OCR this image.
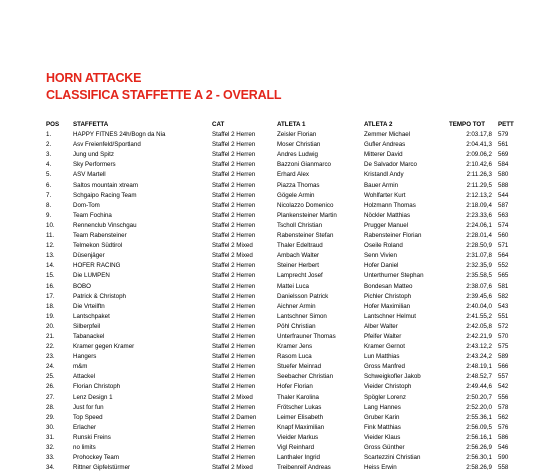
HORN ATTACKE
CLASSIFICA STAFFETTE A 2 - OVERALL
POS	STAFFETTA	CAT	ATLETA 1	ATLETA 2	TEMPO TOT	PETT
1.	HAPPY FITNES 24h/Bogn da Nia	Staffel 2 Herren	Zeisler Florian	Zemmer Michael	2:03.17,8	579
2.	Asv Freienfeld/Sportland	Staffel 2 Herren	Moser Christian	Gufler Andreas	2:04.41,3	561
3.	Jung und Spitz	Staffel 2 Herren	Andres Ludwig	Mitterer David	2:09.06,2	569
4.	Sky Performers	Staffel 2 Herren	Bazzoni Gianmarco	De Salvador Marco	2:10.42,6	584
5.	ASV Martell	Staffel 2 Herren	Erhard Alex	Kristandl Andy	2:11.26,3	580
6.	Saltos mountain xtream	Staffel 2 Herren	Piazza Thomas	Bauer Armin	2:11.29,5	588
7.	Schgaipo Racing Team	Staffel 2 Herren	Gögele Armin	Wohlfarter Kurt	2:12.13,2	544
8.	Dom-Tom	Staffel 2 Herren	Nicolazzo Domenico	Holzmann Thomas	2:18.09,4	587
9.	Team Fochina	Staffel 2 Herren	Plankensteiner Martin	Nöckler Matthias	2:23.33,6	563
10.	Rennenclub Vinschgau	Staffel 2 Herren	Tscholl Christian	Prugger Manuel	2:24.06,1	574
11.	Team Rabensteiner	Staffel 2 Herren	Rabensteiner Stefan	Rabensteiner Florian	2:28.01,4	560
12.	Telmekon Südtirol	Staffel 2 Mixed	Thaler Edeltraud	Oseile Roland	2:28.50,9	571
13.	Düsenjäger	Staffel 2 Mixed	Ambach Walter	Senn Vivien	2:31.07,8	564
14.	HOFER RACING	Staffel 2 Herren	Steiner Herbert	Hofer Daniel	2:32.35,9	552
15.	Die LUMPEN	Staffel 2 Herren	Lamprecht Josef	Unterthurner Stephan	2:35.58,5	565
16.	BOBO	Staffel 2 Herren	Mattei Luca	Bondesan Matteo	2:38.07,6	581
17.	Patrick & Christoph	Staffel 2 Herren	Danielsson Patrick	Pichler Christoph	2:39.45,6	582
18.	Die Vrteilftn	Staffel 2 Herren	Aichner Armin	Hofer Maximilian	2:40.04,0	543
19.	Lantschpaket	Staffel 2 Herren	Lantschner Simon	Lantschner Helmut	2:41.55,2	551
20.	Silberpfeil	Staffel 2 Herren	Pöhl Christian	Alber Walter	2:42.05,8	572
21.	Tabanackel	Staffel 2 Herren	Unterfrauner Thomas	Pfeifer Walter	2:42.21,9	570
22.	Kramer gegen Kramer	Staffel 2 Herren	Kramer Jens	Kramer Gernot	2:43.12,2	575
23.	Hangers	Staffel 2 Herren	Rasom Luca	Lun Matthias	2:43.24,2	589
24.	m&m	Staffel 2 Herren	Stuefer Meinrad	Gross Manfred	2:48.19,1	566
25.	Attackel	Staffel 2 Herren	Seebacher Christian	Schweigkofler Jakob	2:48.52,7	557
26.	Florian Christoph	Staffel 2 Herren	Hofer Florian	Vieider Christoph	2:49.44,6	542
27.	Lenz Design 1	Staffel 2 Mixed	Thaler Karolina	Spögler Lorenz	2:50.20,7	556
28.	Just for fun	Staffel 2 Herren	Frötscher Lukas	Lang Hannes	2:52.20,0	578
29.	Top Speed	Staffel 2 Damen	Leimer Elisabeth	Gruber Karin	2:55.36,1	562
30.	Erlacher	Staffel 2 Herren	Knapf Maximilian	Fink Matthias	2:56.09,5	576
31.	Runski Freins	Staffel 2 Herren	Vieider Markus	Vieider Klaus	2:56.16,1	586
32.	no limits	Staffel 2 Herren	Vigl Reinhard	Gross Günther	2:56.26,9	546
33.	Prohockey Team	Staffel 2 Herren	Lanthaler Ingrid	Scartezzini Christian	2:56.30,1	590
34.	Rittner Gipfelstürmer	Staffel 2 Mixed	Treibenreif Andreas	Heiss Erwin	2:58.26,9	558
